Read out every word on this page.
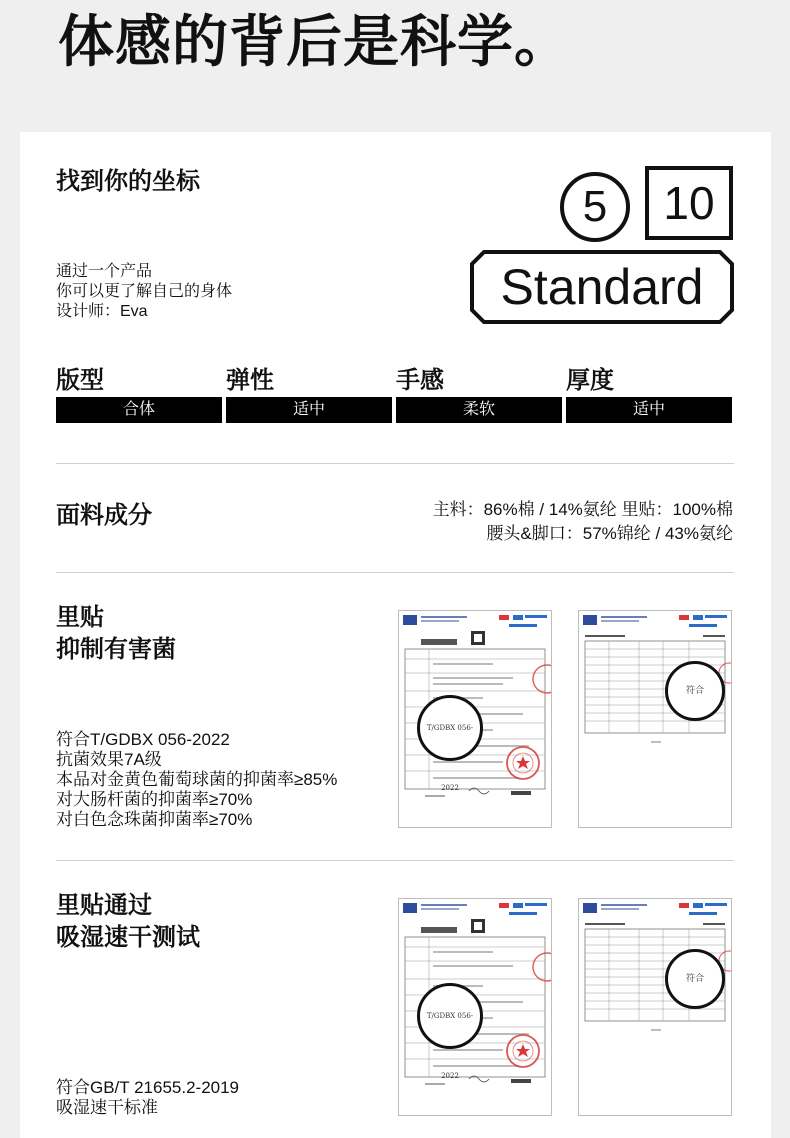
体感的背后是科学。
找到你的坐标
通过一个产品
你可以更了解自己的身体
设计师：Eva
5	10
Standard
版型	弹性	手感	厚度
合体	适中	柔软	适中
面料成分	主料：86%棉 / 14%氨纶 里贴：100%棉
腰头&脚口：57%锦纶 / 43%氨纶
里贴
抑制有害菌
符合T/GDBX 056-2022
抗菌效果7A级
本品对金黄色葡萄球菌的抑菌率≥85%
对大肠杆菌的抑菌率≥70%
对白色念珠菌抑菌率≥70%
T/GDBX 056-2022
符合
里贴通过
吸湿速干测试
符合GB/T 21655.2-2019
吸湿速干标准
T/GDBX 056-2022
符合
